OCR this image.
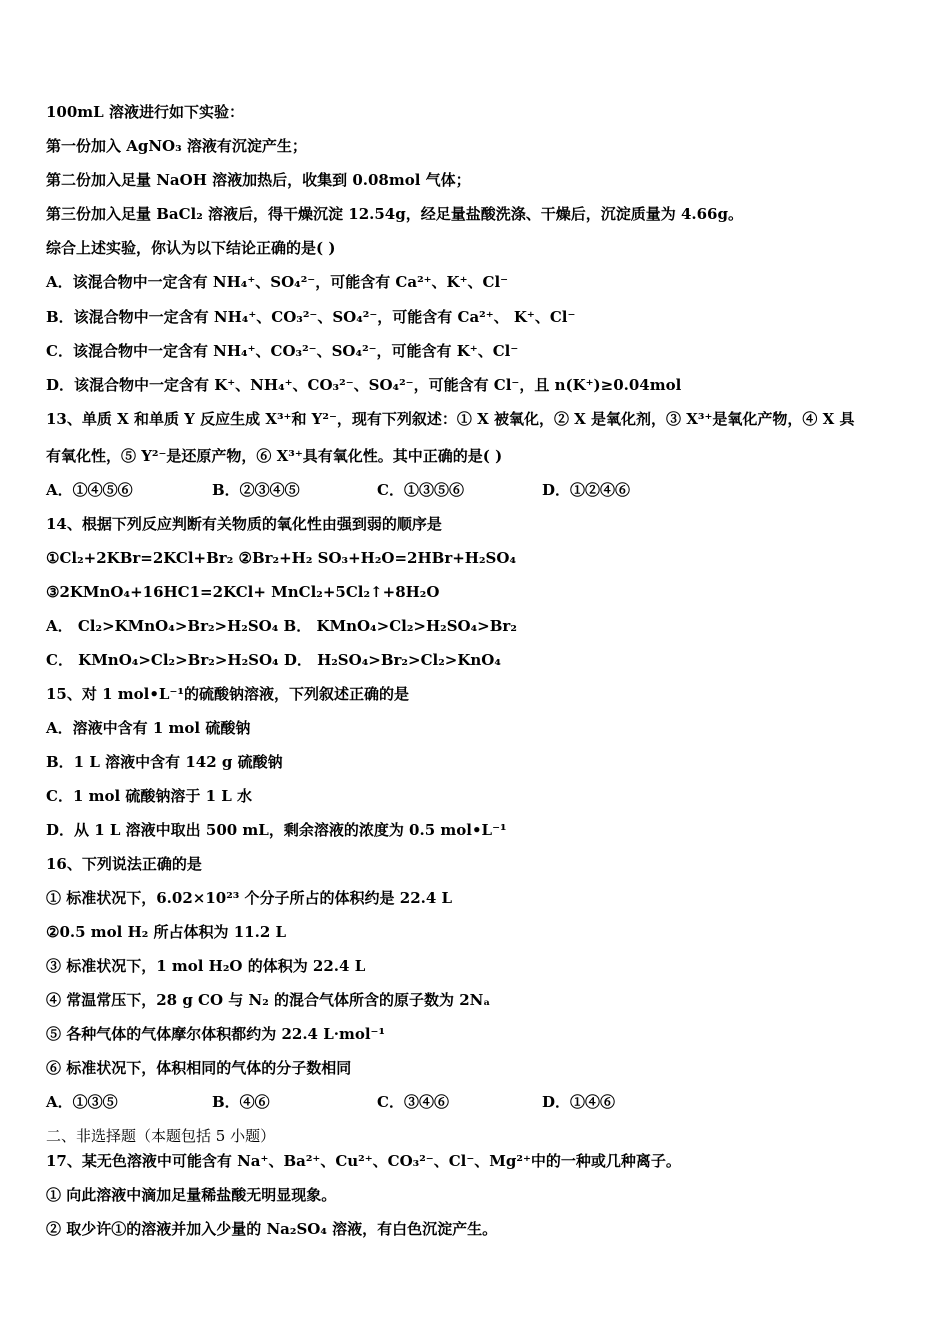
100mL 溶液进行如下实验：
第一份加入 AgNO₃ 溶液有沉淀产生；
第二份加入足量 NaOH 溶液加热后，收集到 0.08mol 气体；
第三份加入足量 BaCl₂ 溶液后，得干燥沉淀 12.54g，经足量盐酸洗涤、干燥后，沉淀质量为 4.66g。
综合上述实验，你认为以下结论正确的是( )
A．该混合物中一定含有 NH₄⁺、SO₄²⁻，可能含有 Ca²⁺、K⁺、Cl⁻
B．该混合物中一定含有 NH₄⁺、CO₃²⁻、SO₄²⁻，可能含有 Ca²⁺、 K⁺、Cl⁻
C．该混合物中一定含有 NH₄⁺、CO₃²⁻、SO₄²⁻，可能含有 K⁺、Cl⁻
D．该混合物中一定含有 K⁺、NH₄⁺、CO₃²⁻、SO₄²⁻，可能含有 Cl⁻，且 n(K⁺)≥0.04mol
13、单质 X 和单质 Y 反应生成 X³⁺和 Y²⁻，现有下列叙述：① X 被氧化，② X 是氧化剂，③ X³⁺是氧化产物，④ X 具
有氧化性，⑤ Y²⁻是还原产物，⑥ X³⁺具有氧化性。其中正确的是( )
A．①④⑤⑥	B．②③④⑤	C．①③⑤⑥	D．①②④⑥
14、根据下列反应判断有关物质的氧化性由强到弱的顺序是
①Cl₂+2KBr=2KCl+Br₂ ②Br₂+H₂ SO₃+H₂O=2HBr+H₂SO₄
③2KMnO₄+16HC1=2KCl+ MnCl₂+5Cl₂↑+8H₂O
A． Cl₂>KMnO₄>Br₂>H₂SO₄ B． KMnO₄>Cl₂>H₂SO₄>Br₂
C． KMnO₄>Cl₂>Br₂>H₂SO₄ D． H₂SO₄>Br₂>Cl₂>KnO₄
15、对 1 mol•L⁻¹的硫酸钠溶液，下列叙述正确的是
A．溶液中含有 1 mol 硫酸钠
B．1 L 溶液中含有 142 g 硫酸钠
C．1 mol 硫酸钠溶于 1 L 水
D．从 1 L 溶液中取出 500 mL，剩余溶液的浓度为 0.5 mol•L⁻¹
16、下列说法正确的是
① 标准状况下，6.02×10²³ 个分子所占的体积约是 22.4 L
②0.5 mol H₂ 所占体积为 11.2 L
③ 标准状况下，1 mol H₂O 的体积为 22.4 L
④ 常温常压下，28 g CO 与 N₂ 的混合气体所含的原子数为 2Nₐ
⑤ 各种气体的气体摩尔体积都约为 22.4 L·mol⁻¹
⑥ 标准状况下，体积相同的气体的分子数相同
A．①③⑤	B．④⑥	C．③④⑥	D．①④⑥
二、非选择题（本题包括 5 小题）
17、某无色溶液中可能含有 Na⁺、Ba²⁺、Cu²⁺、CO₃²⁻、Cl⁻、Mg²⁺中的一种或几种离子。
① 向此溶液中滴加足量稀盐酸无明显现象。
② 取少许①的溶液并加入少量的 Na₂SO₄ 溶液，有白色沉淀产生。
